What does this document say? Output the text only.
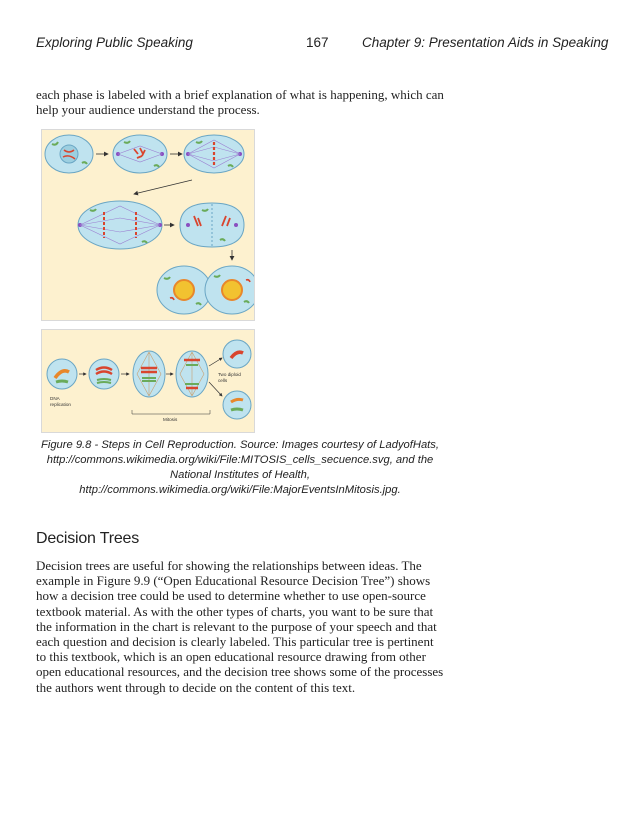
Exploring Public Speaking	167 Chapter 9: Presentation Aids in Speaking

each phase is labeled with a brief explanation of what is happening, which can help your audience understand the process.

DNA
replication
Mitosis
Two diploid
cells
Figure 9.8 - Steps in Cell Reproduction. Source: Images courtesy of LadyofHats, http://commons.wikimedia.org/wiki/File:MITOSIS_cells_secuence.svg, and the National Institutes of Health, http://commons.wikimedia.org/wiki/File:MajorEventsInMitosis.jpg.
Decision Trees

Decision trees are useful for showing the relationships between ideas. The example in Figure 9.9 (“Open Educational Resource Decision Tree”) shows how a decision tree could be used to determine whether to use open-source textbook material. As with the other types of charts, you want to be sure that the information in the chart is relevant to the purpose of your speech and that each question and decision is clearly labeled. This particular tree is pertinent to this textbook, which is an open educational resource drawing from other open educational resources, and the decision tree shows some of the processes the authors went through to decide on the content of this text.
